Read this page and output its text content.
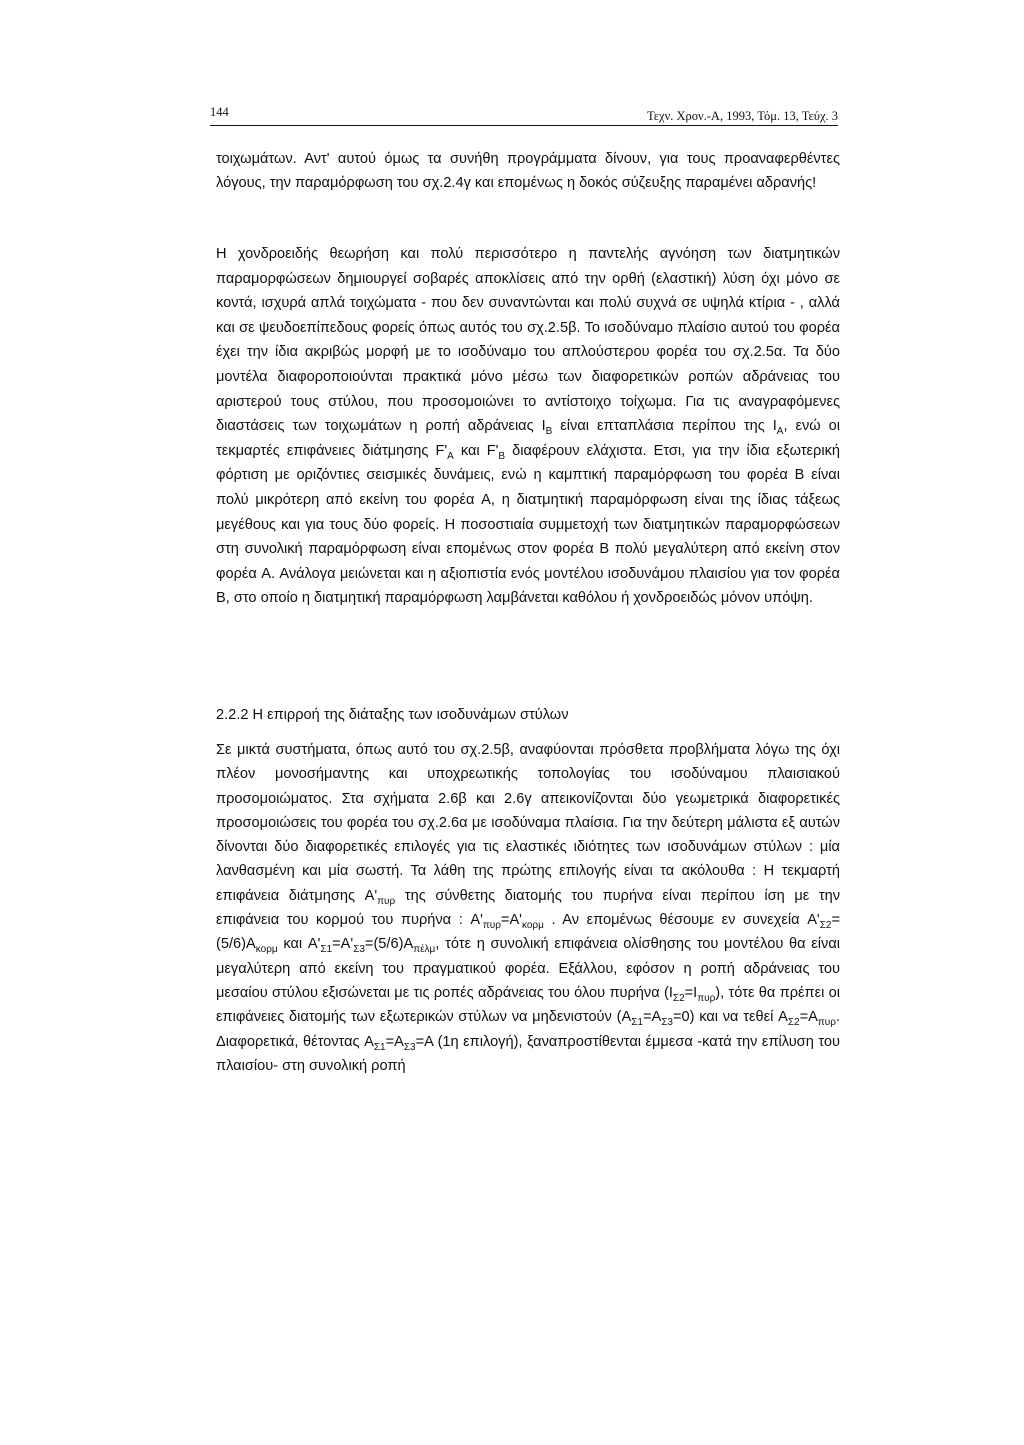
144	Τεχν. Χρον.-Α, 1993, Τόμ. 13, Τεύχ. 3

τοιχωμάτων. Αντ' αυτού όμως τα συνήθη προγράμματα δίνουν, για τους προαναφερθέντες λόγους, την παραμόρφωση του σχ.2.4γ και επομένως η δοκός σύζευξης παραμένει αδρανής!

Η χονδροειδής θεωρήση και πολύ περισσότερο η παντελής αγνόηση των διατμητικών παραμορφώσεων δημιουργεί σοβαρές αποκλίσεις από την ορθή (ελαστική) λύση όχι μόνο σε κοντά, ισχυρά απλά τοιχώματα - που δεν συναντώνται και πολύ συχνά σε υψηλά κτίρια - , αλλά και σε ψευδοεπίπεδους φορείς όπως αυτός του σχ.2.5β. Το ισοδύναμο πλαίσιο αυτού του φορέα έχει την ίδια ακριβώς μορφή με το ισοδύναμο του απλούστερου φορέα του σχ.2.5α. Τα δύο μοντέλα διαφοροποιούνται πρακτικά μόνο μέσω των διαφορετικών ροπών αδράνειας του αριστερού τους στύλου, που προσομοιώνει το αντίστοιχο τοίχωμα. Για τις αναγραφόμενες διαστάσεις των τοιχωμάτων η ροπή αδράνειας $I_B$ είναι επταπλάσια περίπου της $I_A$, ενώ οι τεκμαρτές επιφάνειες διάτμησης $F'_A$ και $F'_B$ διαφέρουν ελάχιστα. Ετσι, για την ίδια εξωτερική φόρτιση με οριζόντιες σεισμικές δυνάμεις, ενώ η καμπτική παραμόρφωση του φορέα B είναι πολύ μικρότερη από εκείνη του φορέα A, η διατμητική παραμόρφωση είναι της ίδιας τάξεως μεγέθους και για τους δύο φορείς. Η ποσοστιαία συμμετοχή των διατμητικών παραμορφώσεων στη συνολική παραμόρφωση είναι επομένως στον φορέα B πολύ μεγαλύτερη από εκείνη στον φορέα A. Ανάλογα μειώνεται και η αξιοπιστία ενός μοντέλου ισοδυνάμου πλαισίου για τον φορέα B, στο οποίο η διατμητική παραμόρφωση λαμβάνεται καθόλου ή χονδροειδώς μόνον υπόψη.

2.2.2 Η επιρροή της διάταξης των ισοδυνάμων στύλων

Σε μικτά συστήματα, όπως αυτό του σχ.2.5β, αναφύονται πρόσθετα προβλήματα λόγω της όχι πλέον μονοσήμαντης και υποχρεωτικής τοπολογίας του ισοδύναμου πλαισιακού προσομοιώματος. Στα σχήματα 2.6β και 2.6γ απεικονίζονται δύο γεωμετρικά διαφορετικές προσομοιώσεις του φορέα του σχ.2.6α με ισοδύναμα πλαίσια. Για την δεύτερη μάλιστα εξ αυτών δίνονται δύο διαφορετικές επιλογές για τις ελαστικές ιδιότητες των ισοδυνάμων στύλων : μία λανθασμένη και μία σωστή. Τα λάθη της πρώτης επιλογής είναι τα ακόλουθα : Η τεκμαρτή επιφάνεια διάτμησης $A'_{\pi\upsilon\rho}$ της σύνθετης διατομής του πυρήνα είναι περίπου ίση με την επιφάνεια του κορμού του πυρήνα : $A'_{\pi\upsilon\rho}=A'_{\kappa o\rho\mu}$ . Αν επομένως θέσουμε εν συνεχεία $A'_{\Sigma 2}=(5/6)A_{\kappa o\rho\mu}$ και $A'_{\Sigma 1}=A'_{\Sigma 3}=(5/6)A_{\pi έ\lambda\mu}$, τότε η συνολική επιφάνεια ολίσθησης του μοντέλου θα είναι μεγαλύτερη από εκείνη του πραγματικού φορέα. Εξάλλου, εφόσον η ροπή αδράνειας του μεσαίου στύλου εξισώνεται με τις ροπές αδράνειας του όλου πυρήνα $(I_{\Sigma 2}=I_{\pi\upsilon\rho})$, τότε θα πρέπει οι επιφάνειες διατομής των εξωτερικών στύλων να μηδενιστούν $(A_{\Sigma 1}=A_{\Sigma 3}=0)$ και να τεθεί $A_{\Sigma 2}=A_{\pi\upsilon\rho}$. Διαφορετικά, θέτοντας $A_{\Sigma 1}=A_{\Sigma 3}=A$ (1η επιλογή), ξαναπροστίθενται έμμεσα -κατά την επίλυση του πλαισίου- στη συνολική ροπή
